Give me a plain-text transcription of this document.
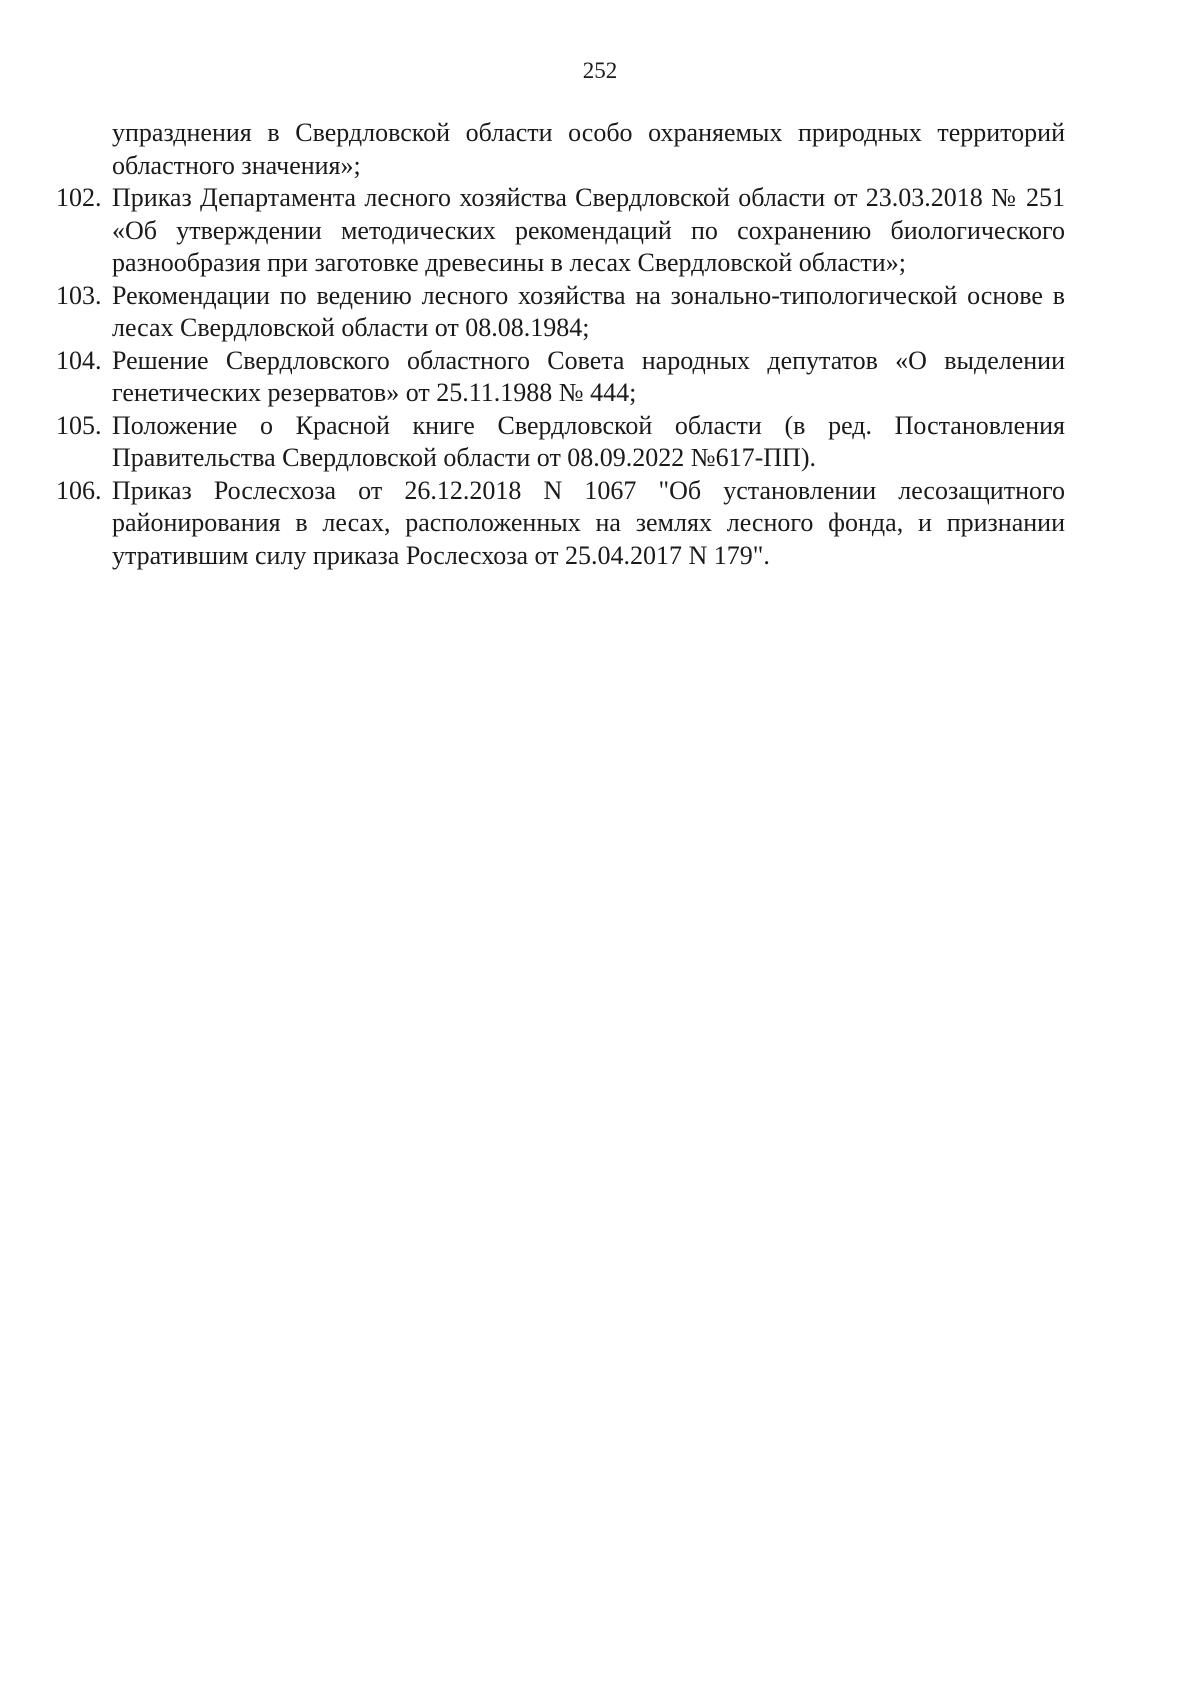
252
упразднения в Свердловской области особо охраняемых природных территорий областного значения»;
102. Приказ Департамента лесного хозяйства Свердловской области от 23.03.2018 № 251 «Об утверждении методических рекомендаций по сохранению биологического разнообразия при заготовке древесины в лесах Свердловской области»;
103. Рекомендации по ведению лесного хозяйства на зонально-типологической основе в лесах Свердловской области от 08.08.1984;
104. Решение Свердловского областного Совета народных депутатов «О выделении генетических резерватов» от 25.11.1988 № 444;
105. Положение о Красной книге Свердловской области (в ред. Постановления Правительства Свердловской области от 08.09.2022 №617-ПП).
106. Приказ Рослесхоза от 26.12.2018 N 1067 "Об установлении лесозащитного районирования в лесах, расположенных на землях лесного фонда, и признании утратившим силу приказа Рослесхоза от 25.04.2017 N 179".
